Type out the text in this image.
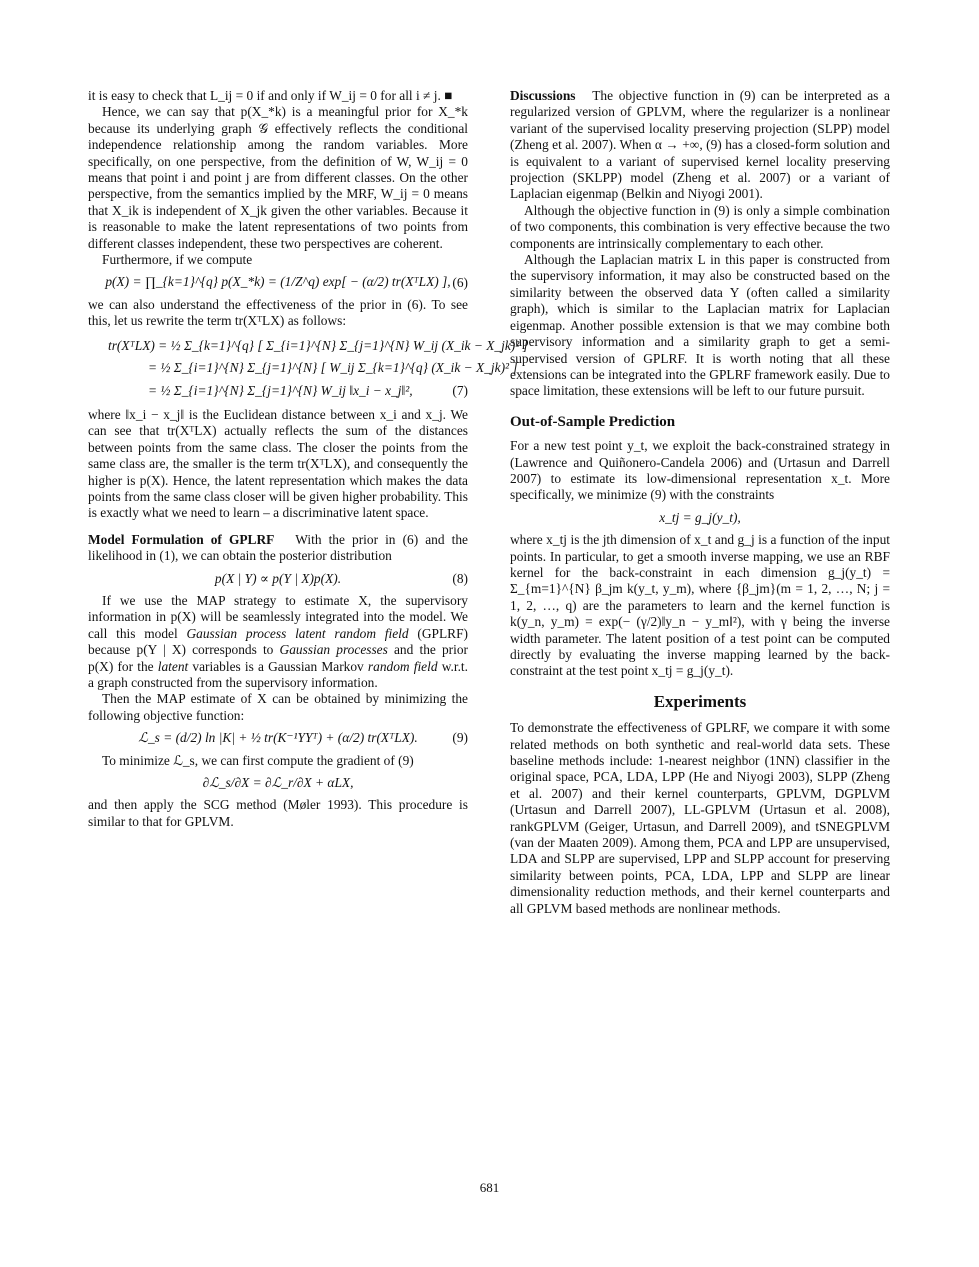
it is easy to check that L_ij = 0 if and only if W_ij = 0 for all i ≠ j. ■

Hence, we can say that p(X_*k) is a meaningful prior for X_*k because its underlying graph 𝒢 effectively reflects the conditional independence relationship among the random variables. More specifically, on one perspective, from the definition of W, W_ij = 0 means that point i and point j are from different classes. On the other perspective, from the semantics implied by the MRF, W_ij = 0 means that X_ik is independent of X_jk given the other variables. Because it is reasonable to make the latent representations of two points from different classes independent, these two perspectives are coherent.

Furthermore, if we compute

p(X) = ∏_{k=1}^{q} p(X_*k) = (1/Z^q) exp[ − (α/2) tr(XᵀLX) ], (6)

we can also understand the effectiveness of the prior in (6). To see this, let us rewrite the term tr(XᵀLX) as follows:

tr(XᵀLX) = ½ Σ_{k=1}^{q} [ Σ_{i=1}^{N} Σ_{j=1}^{N} W_ij (X_ik − X_jk)² ]
= ½ Σ_{i=1}^{N} Σ_{j=1}^{N} [ W_ij Σ_{k=1}^{q} (X_ik − X_jk)² ]
= ½ Σ_{i=1}^{N} Σ_{j=1}^{N} W_ij ‖x_i − x_j‖²,	(7)

where ‖x_i − x_j‖ is the Euclidean distance between x_i and x_j. We can see that tr(XᵀLX) actually reflects the sum of the distances between points from the same class. The closer the points from the same class are, the smaller is the term tr(XᵀLX), and consequently the higher is p(X). Hence, the latent representation which makes the data points from the same class closer will be given higher probability. This is exactly what we need to learn – a discriminative latent space.

Model Formulation of GPLRF With the prior in (6) and the likelihood in (1), we can obtain the posterior distribution

p(X | Y) ∝ p(Y | X)p(X).	(8)

If we use the MAP strategy to estimate X, the supervisory information in p(X) will be seamlessly integrated into the model. We call this model Gaussian process latent random field (GPLRF) because p(Y | X) corresponds to Gaussian processes and the prior p(X) for the latent variables is a Gaussian Markov random field w.r.t. a graph constructed from the supervisory information.

Then the MAP estimate of X can be obtained by minimizing the following objective function:

ℒ_s = (d/2) ln |K| + ½ tr(K⁻¹YYᵀ) + (α/2) tr(XᵀLX).	(9)

To minimize ℒ_s, we can first compute the gradient of (9)

∂ℒ_s/∂X = ∂ℒ_r/∂X + αLX,

and then apply the SCG method (Møler 1993). This procedure is similar to that for GPLVM.

Discussions The objective function in (9) can be interpreted as a regularized version of GPLVM, where the regularizer is a nonlinear variant of the supervised locality preserving projection (SLPP) model (Zheng et al. 2007). When α → +∞, (9) has a closed-form solution and is equivalent to a variant of supervised kernel locality preserving projection (SKLPP) model (Zheng et al. 2007) or a variant of Laplacian eigenmap (Belkin and Niyogi 2001).

Although the objective function in (9) is only a simple combination of two components, this combination is very effective because the two components are intrinsically complementary to each other.

Although the Laplacian matrix L in this paper is constructed from the supervisory information, it may also be constructed based on the similarity between the observed data Y (often called a similarity graph), which is similar to the Laplacian matrix for Laplacian eigenmap. Another possible extension is that we may combine both supervisory information and a similarity graph to get a semi-supervised version of GPLRF. It is worth noting that all these extensions can be integrated into the GPLRF framework easily. Due to space limitation, these extensions will be left to our future pursuit.

Out-of-Sample Prediction

For a new test point y_t, we exploit the back-constrained strategy in (Lawrence and Quiñonero-Candela 2006) and (Urtasun and Darrell 2007) to estimate its low-dimensional representation x_t. More specifically, we minimize (9) with the constraints

x_tj = g_j(y_t),

where x_tj is the jth dimension of x_t and g_j is a function of the input points. In particular, to get a smooth inverse mapping, we use an RBF kernel for the back-constraint in each dimension g_j(y_t) = Σ_{m=1}^{N} β_jm k(y_t, y_m), where {β_jm}(m = 1, 2, …, N; j = 1, 2, …, q) are the parameters to learn and the kernel function is k(y_n, y_m) = exp(− (γ/2)‖y_n − y_m‖²), with γ being the inverse width parameter. The latent position of a test point can be computed directly by evaluating the inverse mapping learned by the back-constraint at the test point x_tj = g_j(y_t).

Experiments

To demonstrate the effectiveness of GPLRF, we compare it with some related methods on both synthetic and real-world data sets. These baseline methods include: 1-nearest neighbor (1NN) classifier in the original space, PCA, LDA, LPP (He and Niyogi 2003), SLPP (Zheng et al. 2007) and their kernel counterparts, GPLVM, DGPLVM (Urtasun and Darrell 2007), LL-GPLVM (Urtasun et al. 2008), rankGPLVM (Geiger, Urtasun, and Darrell 2009), and tSNEGPLVM (van der Maaten 2009). Among them, PCA and LPP are unsupervised, LDA and SLPP are supervised, LPP and SLPP account for preserving similarity between points, PCA, LDA, LPP and SLPP are linear dimensionality reduction methods, and their kernel counterparts and all GPLVM based methods are nonlinear methods.

681
